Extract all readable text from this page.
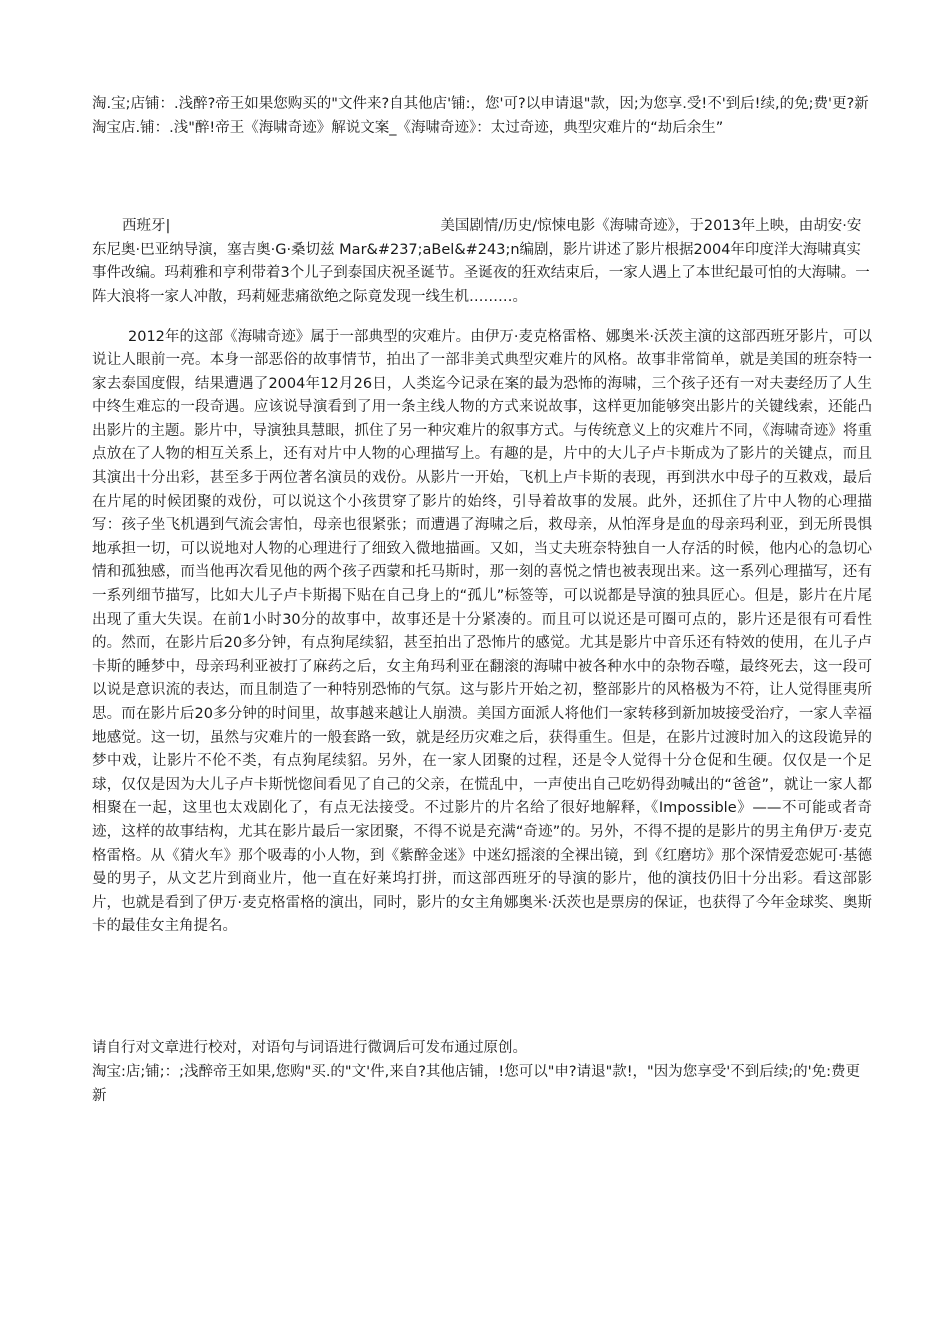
淘.宝;店铺：.浅醉?帝王如果您购买的"文件来?自其他店'铺:，您'可?以申请退"款，因;为您享.受!不'到后!续,的免;费'更?新淘宝店.铺：.浅"醉!帝王《海啸奇迹》解说文案_《海啸奇迹》：太过奇迹，典型灾难片的“劫后余生”

西班牙|	美国剧情/历史/惊悚电影《海啸奇迹》，于2013年上映，由胡安·安东尼奥·巴亚纳导演，塞吉奥·G·桑切兹 Mar&#237;aBel&#243;n编剧，影片讲述了影片根据2004年印度洋大海啸真实事件改编。玛莉雅和亨利带着3个儿子到泰国庆祝圣诞节。圣诞夜的狂欢结束后，一家人遇上了本世纪最可怕的大海啸。一阵大浪将一家人冲散，玛莉娅悲痛欲绝之际竟发现一线生机………。

2012年的这部《海啸奇迹》属于一部典型的灾难片。由伊万·麦克格雷格、娜奥米·沃茨主演的这部西班牙影片，可以说让人眼前一亮。本身一部恶俗的故事情节，拍出了一部非美式典型灾难片的风格。故事非常简单，就是美国的班奈特一家去泰国度假，结果遭遇了2004年12月26日，人类迄今记录在案的最为恐怖的海啸，三个孩子还有一对夫妻经历了人生中终生难忘的一段奇遇。应该说导演看到了用一条主线人物的方式来说故事，这样更加能够突出影片的关键线索，还能凸出影片的主题。影片中，导演独具慧眼，抓住了另一种灾难片的叙事方式。与传统意义上的灾难片不同，《海啸奇迹》将重点放在了人物的相互关系上，还有对片中人物的心理描写上。有趣的是，片中的大儿子卢卡斯成为了影片的关键点，而且其演出十分出彩，甚至多于两位著名演员的戏份。从影片一开始，飞机上卢卡斯的表现，再到洪水中母子的互救戏，最后在片尾的时候团聚的戏份，可以说这个小孩贯穿了影片的始终，引导着故事的发展。此外，还抓住了片中人物的心理描写：孩子坐飞机遇到气流会害怕，母亲也很紧张；而遭遇了海啸之后，救母亲，从怕浑身是血的母亲玛利亚，到无所畏惧地承担一切，可以说地对人物的心理进行了细致入微地描画。又如，当丈夫班奈特独自一人存活的时候，他内心的急切心情和孤独感，而当他再次看见他的两个孩子西蒙和托马斯时，那一刻的喜悦之情也被表现出来。这一系列心理描写，还有一系列细节描写，比如大儿子卢卡斯揭下贴在自己身上的“孤儿”标签等，可以说都是导演的独具匠心。但是，影片在片尾出现了重大失误。在前1小时30分的故事中，故事还是十分紧凑的。而且可以说还是可圈可点的，影片还是很有可看性的。然而，在影片后20多分钟，有点狗尾续貂，甚至拍出了恐怖片的感觉。尤其是影片中音乐还有特效的使用，在儿子卢卡斯的睡梦中，母亲玛利亚被打了麻药之后，女主角玛利亚在翻滚的海啸中被各种水中的杂物吞噬，最终死去，这一段可以说是意识流的表达，而且制造了一种特别恐怖的气氛。这与影片开始之初，整部影片的风格极为不符，让人觉得匪夷所思。而在影片后20多分钟的时间里，故事越来越让人崩溃。美国方面派人将他们一家转移到新加坡接受治疗，一家人幸福地感觉。这一切，虽然与灾难片的一般套路一致，就是经历灾难之后，获得重生。但是，在影片过渡时加入的这段诡异的梦中戏，让影片不伦不类，有点狗尾续貂。另外，在一家人团聚的过程，还是令人觉得十分仓促和生硬。仅仅是一个足球，仅仅是因为大儿子卢卡斯恍惚间看见了自己的父亲，在慌乱中，一声使出自己吃奶得劲喊出的“爸爸”，就让一家人都相聚在一起，这里也太戏剧化了，有点无法接受。不过影片的片名给了很好地解释，《Impossible》——不可能或者奇迹，这样的故事结构，尤其在影片最后一家团聚，不得不说是充满“奇迹”的。另外，不得不提的是影片的男主角伊万·麦克格雷格。从《猜火车》那个吸毒的小人物，到《紫醉金迷》中迷幻摇滚的全裸出镜，到《红磨坊》那个深情爱恋妮可·基德曼的男子，从文艺片到商业片，他一直在好莱坞打拼，而这部西班牙的导演的影片，他的演技仍旧十分出彩。看这部影片，也就是看到了伊万·麦克格雷格的演出，同时，影片的女主角娜奥米·沃茨也是票房的保证，也获得了今年金球奖、奥斯卡的最佳女主角提名。

请自行对文章进行校对，对语句与词语进行微调后可发布通过原创。

淘宝:店;铺;：;浅醉帝王如果,您购"买.的"文'件,来自?其他店铺，!您可以"申?请退"款!，"因为您享受'不到后续;的'免:费更新
